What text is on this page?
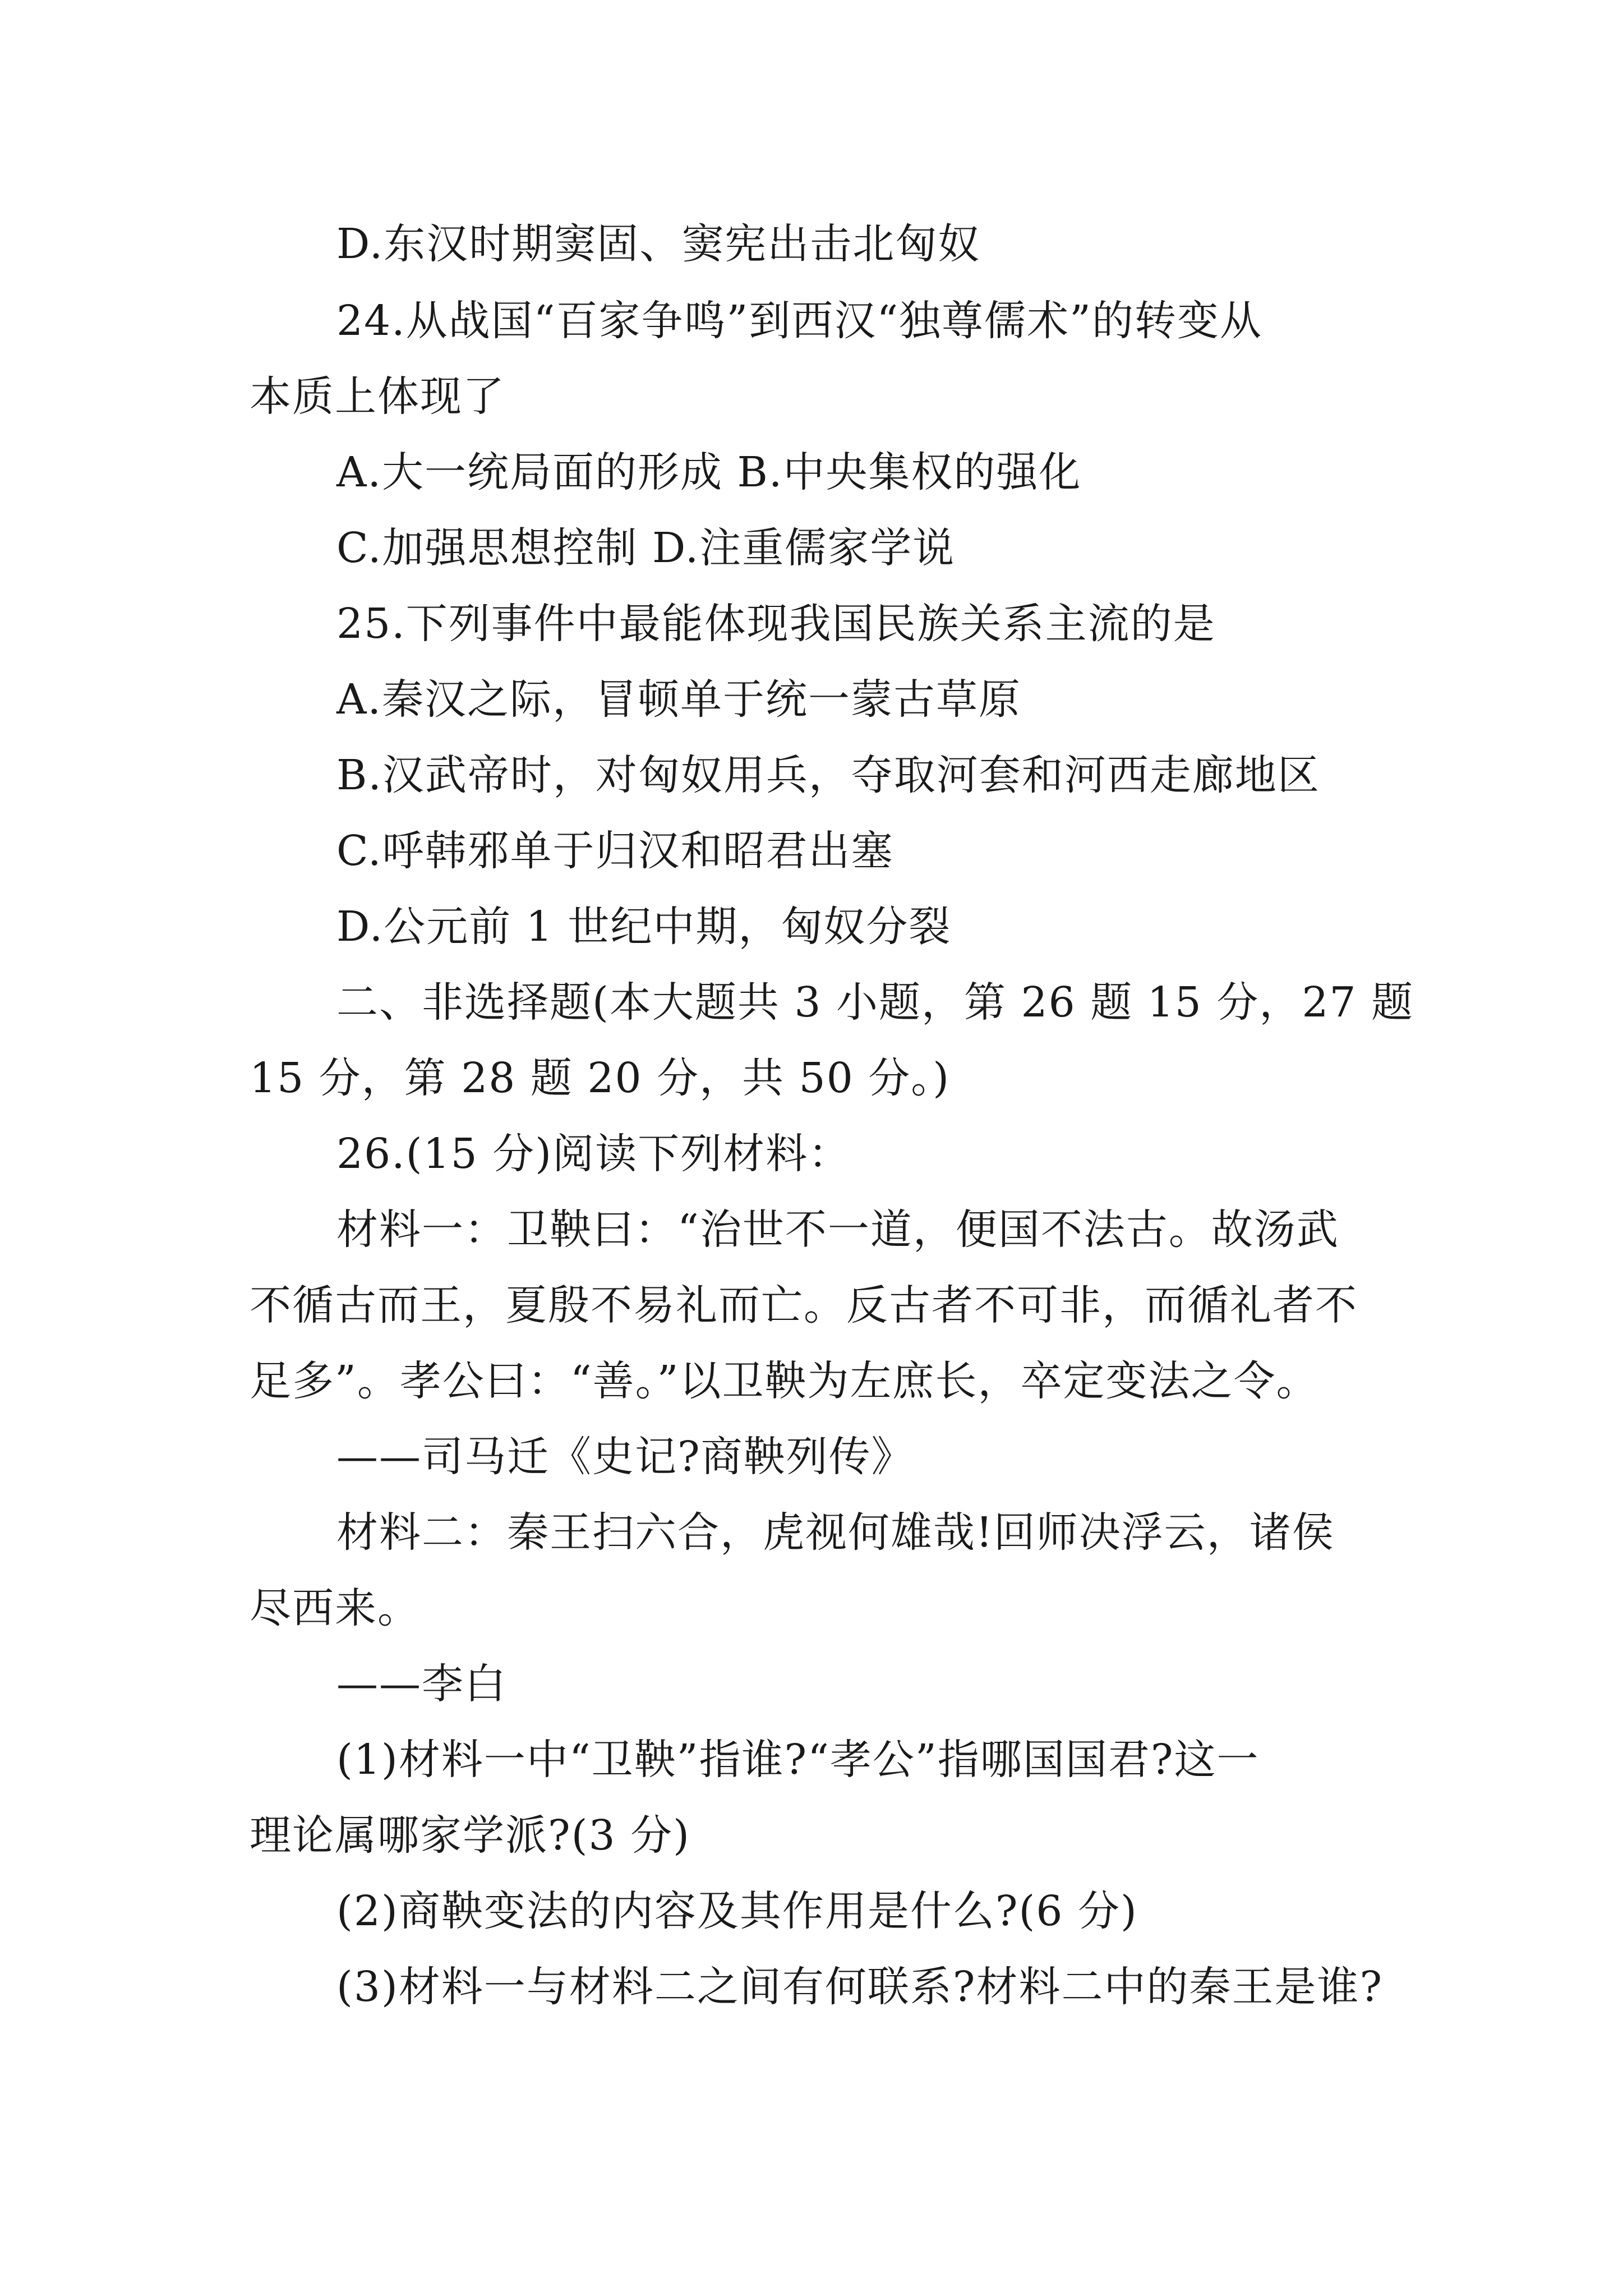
D.东汉时期窦固、窦宪出击北匈奴
24.从战国“百家争鸣”到西汉“独尊儒术”的转变从
本质上体现了
A.大一统局面的形成 B.中央集权的强化
C.加强思想控制 D.注重儒家学说
25.下列事件中最能体现我国民族关系主流的是
A.秦汉之际，冒顿单于统一蒙古草原
B.汉武帝时，对匈奴用兵，夺取河套和河西走廊地区
C.呼韩邪单于归汉和昭君出塞
D.公元前 1 世纪中期，匈奴分裂
二、非选择题(本大题共 3 小题，第 26 题 15 分，27 题
15 分，第 28 题 20 分，共 50 分。)
26.(15 分)阅读下列材料：
材料一：卫鞅曰：“治世不一道，便国不法古。故汤武
不循古而王，夏殷不易礼而亡。反古者不可非，而循礼者不
足多”。孝公曰：“善。”以卫鞅为左庶长，卒定变法之令。
——司马迁《史记?商鞅列传》
材料二：秦王扫六合，虎视何雄哉!回师决浮云，诸侯
尽西来。
——李白
(1)材料一中“卫鞅”指谁?“孝公”指哪国国君?这一
理论属哪家学派?(3 分)
(2)商鞅变法的内容及其作用是什么?(6 分)
(3)材料一与材料二之间有何联系?材料二中的秦王是谁?
